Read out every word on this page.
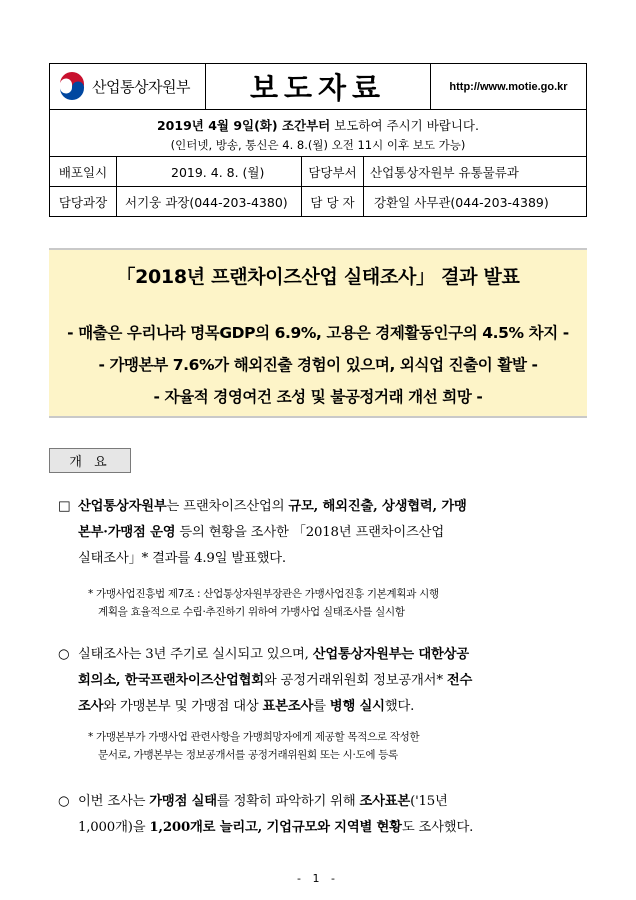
산업통상자원부	보도자료	http://www.motie.go.kr
2019년 4월 9일(화) 조간부터 보도하여 주시기 바랍니다.
(인터넷, 방송, 통신은 4. 8.(월) 오전 11시 이후 보도 가능)
배포일시	2019. 4. 8. (월)	담당부서	산업통상자원부 유통물류과
담당과장	서기웅 과장(044-203-4380)	담 당 자	강환일 사무관(044-203-4389)
「2018년 프랜차이즈산업 실태조사」 결과 발표
- 매출은 우리나라 명목GDP의 6.9%, 고용은 경제활동인구의 4.5% 차지 -
- 가맹본부 7.6%가 해외진출 경험이 있으며, 외식업 진출이 활발 -
- 자율적 경영여건 조성 및 불공정거래 개선 희망 -
개 요
□ 산업통상자원부는 프랜차이즈산업의 규모, 해외진출, 상생협력, 가맹
본부·가맹점 운영 등의 현황을 조사한 「2018년 프랜차이즈산업
실태조사」* 결과를 4.9일 발표했다.
* 가맹사업진흥법 제7조 : 산업통상자원부장관은 가맹사업진흥 기본계획과 시행
계획을 효율적으로 수립·추진하기 위하여 가맹사업 실태조사를 실시함
○ 실태조사는 3년 주기로 실시되고 있으며, 산업통상자원부는 대한상공
회의소, 한국프랜차이즈산업협회와 공정거래위원회 정보공개서* 전수
조사와 가맹본부 및 가맹점 대상 표본조사를 병행 실시했다.
* 가맹본부가 가맹사업 관련사항을 가맹희망자에게 제공할 목적으로 작성한
문서로, 가맹본부는 정보공개서를 공정거래위원회 또는 시·도에 등록
○ 이번 조사는 가맹점 실태를 정확히 파악하기 위해 조사표본('15년
1,000개)을 1,200개로 늘리고, 기업규모와 지역별 현황도 조사했다.
- 1 -
